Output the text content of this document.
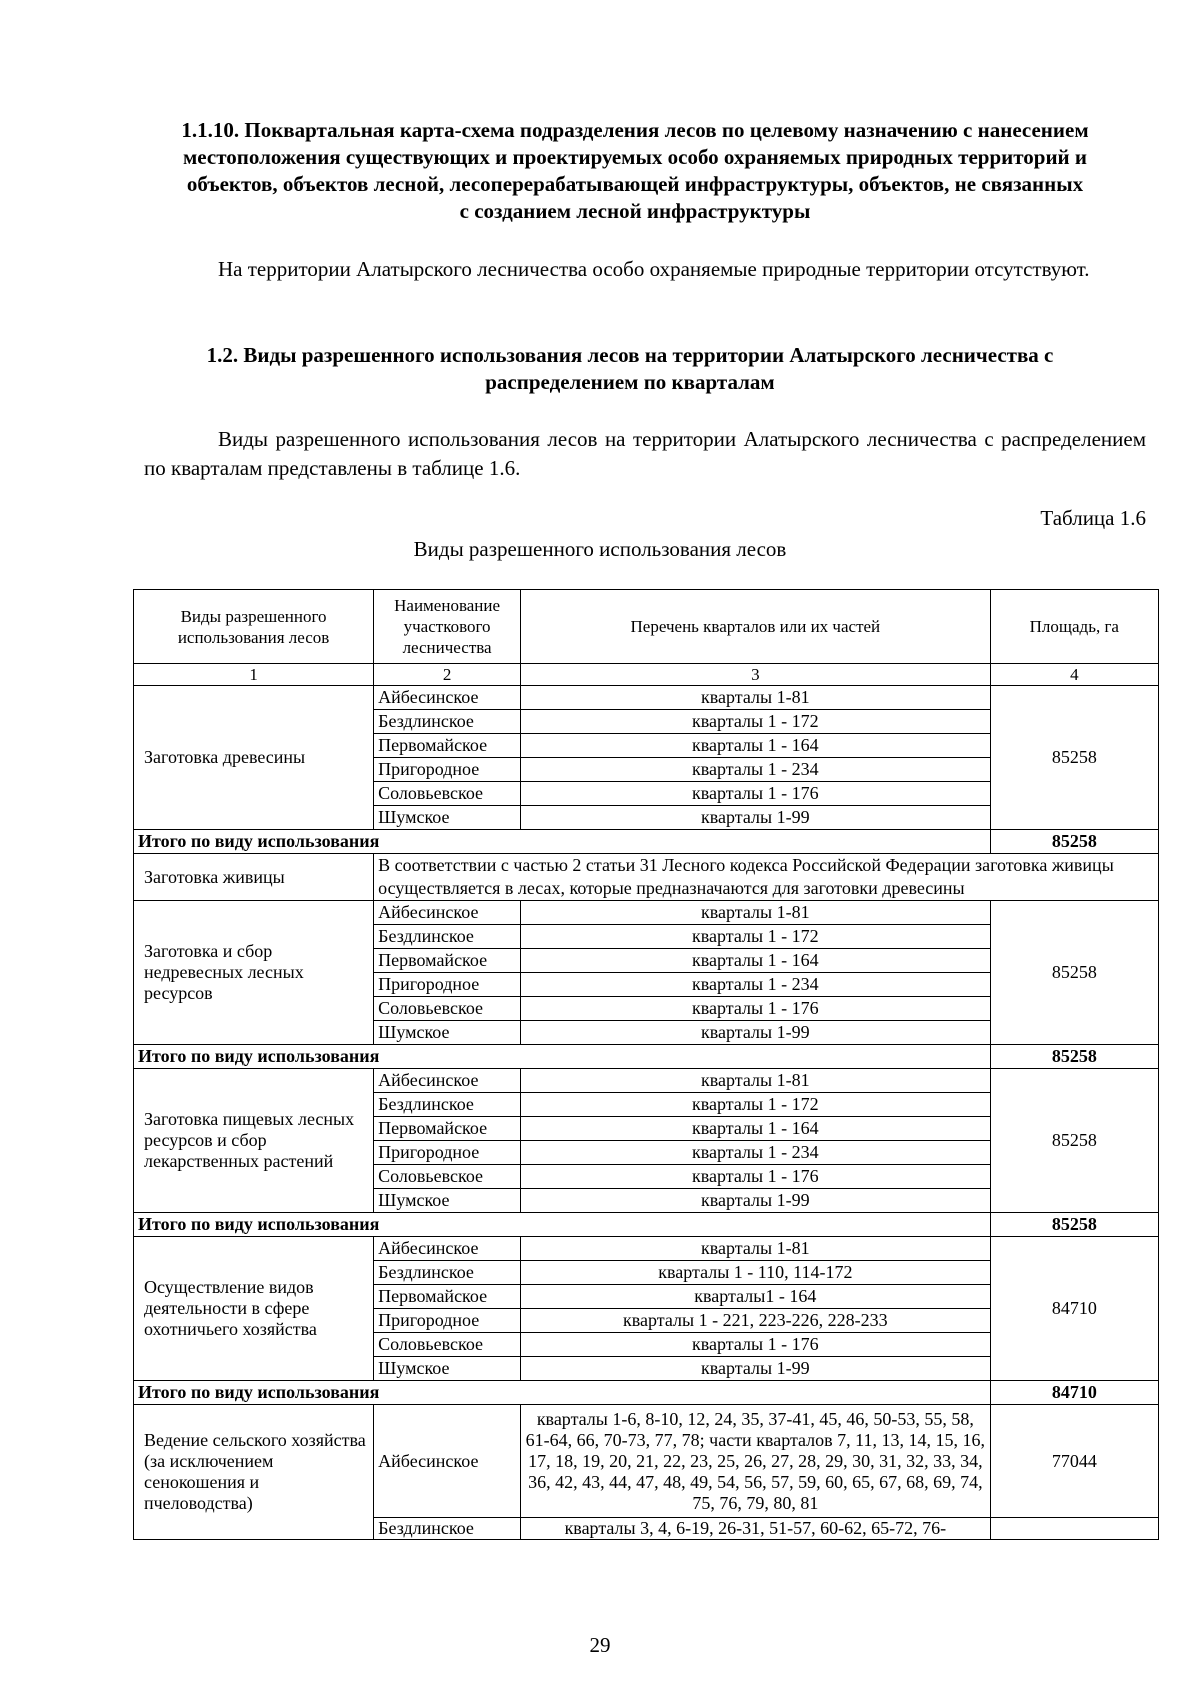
1.1.10. Поквартальная карта-схема подразделения лесов по целевому назначению с нанесением местоположения существующих и проектируемых особо охраняемых природных территорий и объектов, объектов лесной, лесоперерабатывающей инфраструктуры, объектов, не связанных с созданием лесной инфраструктуры
На территории Алатырского лесничества особо охраняемые природные территории отсутствуют.
1.2. Виды разрешенного использования лесов на территории Алатырского лесничества с распределением по кварталам
Виды разрешенного использования лесов на территории Алатырского лесничества с распределением по кварталам представлены в таблице 1.6.
Таблица 1.6
Виды разрешенного использования лесов
Виды разрешенного использования лесов	Наименование участкового лесничества	Перечень кварталов или их частей	Площадь, га
1	2	3	4
Заготовка древесины	Айбесинское	кварталы 1-81	85258
	Бездлинское	кварталы 1 - 172	
	Первомайское	кварталы 1 - 164	
	Пригородное	кварталы 1 - 234	
	Соловьевское	кварталы 1 - 176	
	Шумское	кварталы 1-99	
Итого по виду использования			85258
Заготовка живицы	В соответствии с частью 2 статьи 31 Лесного кодекса Российской Федерации заготовка живицы осуществляется в лесах, которые предназначаются для заготовки древесины		
Заготовка и сбор недревесных лесных ресурсов	Айбесинское	кварталы 1-81	85258
	Бездлинское	кварталы 1 - 172	
	Первомайское	кварталы 1 - 164	
	Пригородное	кварталы 1 - 234	
	Соловьевское	кварталы 1 - 176	
	Шумское	кварталы 1-99	
Итого по виду использования			85258
Заготовка пищевых лесных ресурсов и сбор лекарственных растений	Айбесинское	кварталы 1-81	85258
	Бездлинское	кварталы 1 - 172	
	Первомайское	кварталы 1 - 164	
	Пригородное	кварталы 1 - 234	
	Соловьевское	кварталы 1 - 176	
	Шумское	кварталы 1-99	
Итого по виду использования			85258
Осуществление видов деятельности в сфере охотничьего хозяйства	Айбесинское	кварталы 1-81	84710
	Бездлинское	кварталы 1 - 110, 114-172	
	Первомайское	кварталы1 - 164	
	Пригородное	кварталы 1 - 221, 223-226, 228-233	
	Соловьевское	кварталы 1 - 176	
	Шумское	кварталы 1-99	
Итого по виду использования			84710
Ведение сельского хозяйства (за исключением сенокошения и пчеловодства)	Айбесинское	кварталы 1-6, 8-10, 12, 24, 35, 37-41, 45, 46, 50-53, 55, 58, 61-64, 66, 70-73, 77, 78; части кварталов 7, 11, 13, 14, 15, 16, 17, 18, 19, 20, 21, 22, 23, 25, 26, 27, 28, 29, 30, 31, 32, 33, 34, 36, 42, 43, 44, 47, 48, 49, 54, 56, 57, 59, 60, 65, 67, 68, 69, 74, 75, 76, 79, 80, 81	77044
	Бездлинское	кварталы 3, 4, 6-19, 26-31, 51-57, 60-62, 65-72, 76-	
29
